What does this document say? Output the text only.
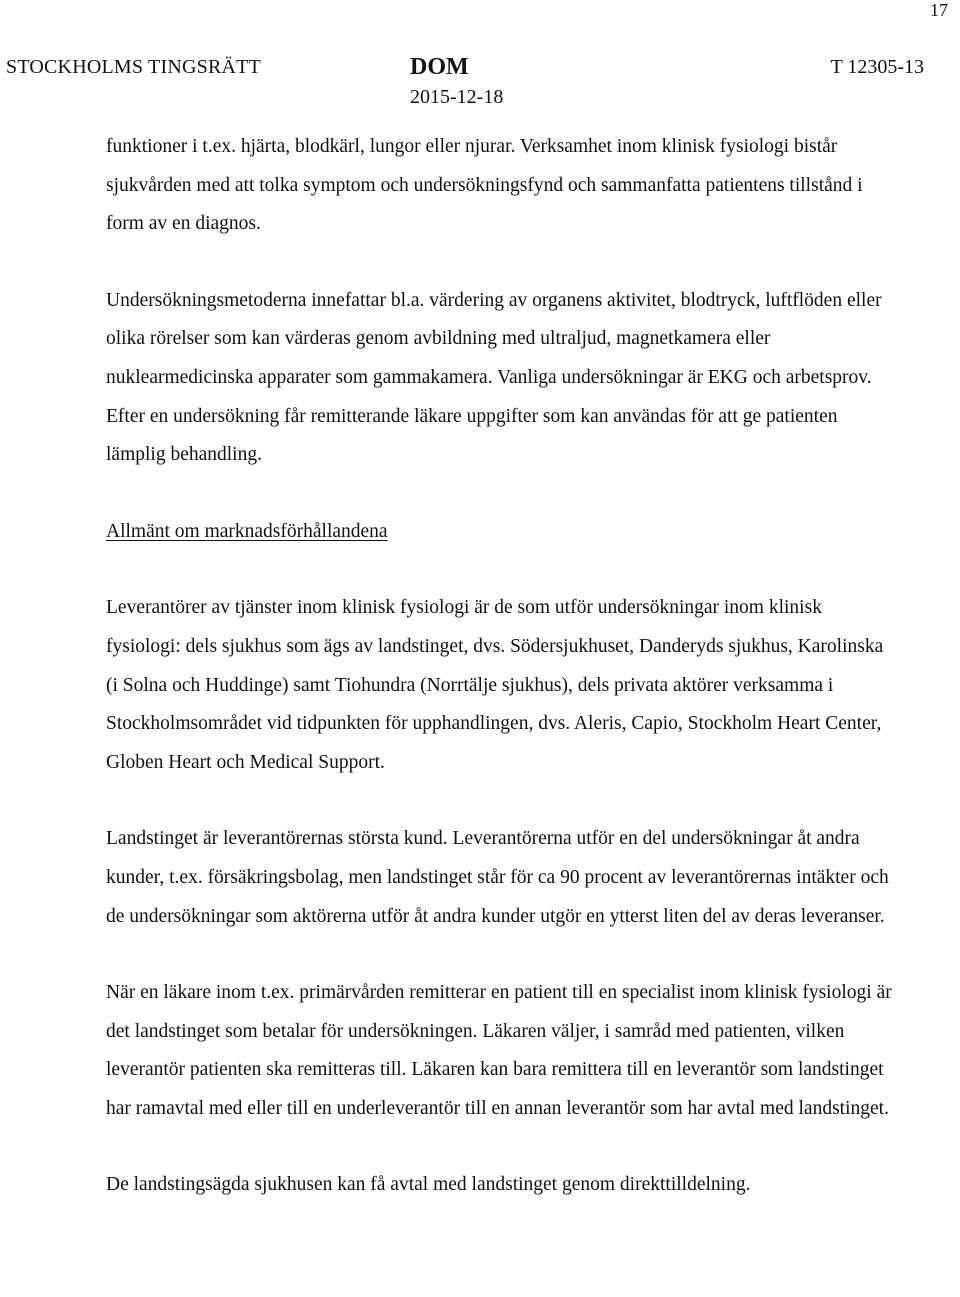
17
STOCKHOLMS TINGSRÄTT	DOM
2015-12-18
T 12305-13

funktioner i t.ex. hjärta, blodkärl, lungor eller njurar. Verksamhet inom klinisk fysiologi bistår sjukvården med att tolka symptom och undersökningsfynd och sammanfatta patientens tillstånd i form av en diagnos.

Undersökningsmetoderna innefattar bl.a. värdering av organens aktivitet, blodtryck, luftflöden eller olika rörelser som kan värderas genom avbildning med ultraljud, magnetkamera eller nuklearmedicinska apparater som gammakamera. Vanliga undersökningar är EKG och arbetsprov. Efter en undersökning får remitterande läkare uppgifter som kan användas för att ge patienten lämplig behandling.

Allmänt om marknadsförhållandena

Leverantörer av tjänster inom klinisk fysiologi är de som utför undersökningar inom klinisk fysiologi: dels sjukhus som ägs av landstinget, dvs. Södersjukhuset, Danderyds sjukhus, Karolinska (i Solna och Huddinge) samt Tiohundra (Norrtälje sjukhus), dels privata aktörer verksamma i Stockholmsområdet vid tidpunkten för upphandlingen, dvs. Aleris, Capio, Stockholm Heart Center, Globen Heart och Medical Support.

Landstinget är leverantörernas största kund. Leverantörerna utför en del undersökningar åt andra kunder, t.ex. försäkringsbolag, men landstinget står för ca 90 procent av leverantörernas intäkter och de undersökningar som aktörerna utför åt andra kunder utgör en ytterst liten del av deras leveranser.

När en läkare inom t.ex. primärvården remitterar en patient till en specialist inom klinisk fysiologi är det landstinget som betalar för undersökningen. Läkaren väljer, i samråd med patienten, vilken leverantör patienten ska remitteras till. Läkaren kan bara remittera till en leverantör som landstinget har ramavtal med eller till en underleverantör till en annan leverantör som har avtal med landstinget.

De landstingsägda sjukhusen kan få avtal med landstinget genom direkttilldelning.
